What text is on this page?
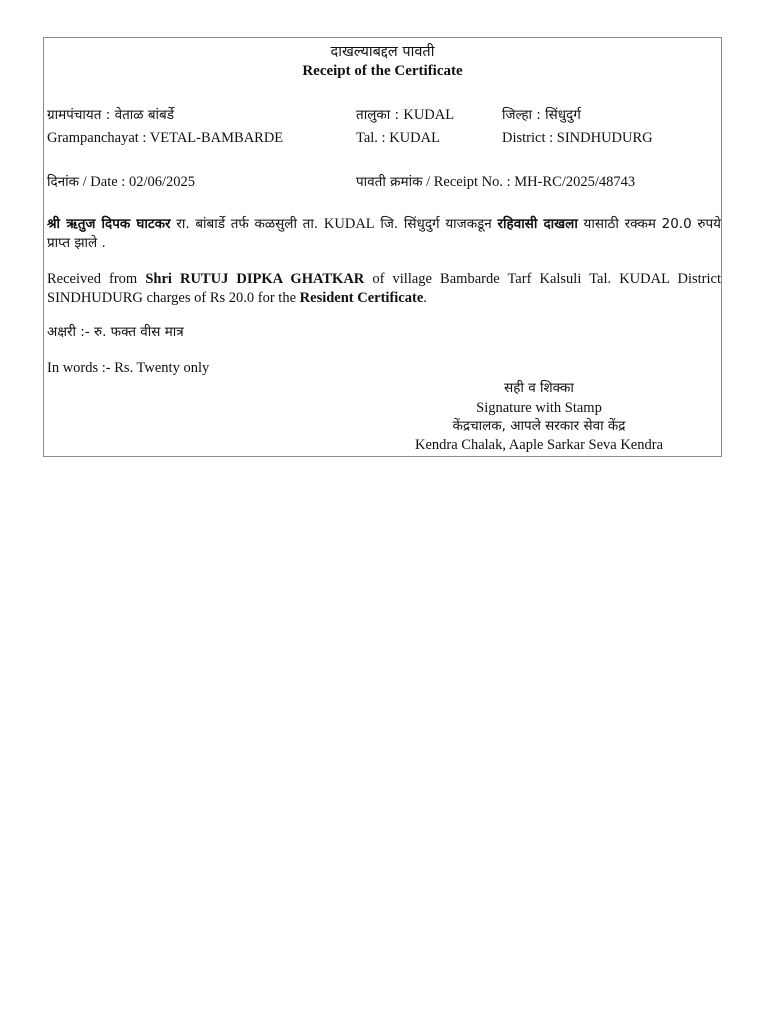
दाखल्याबद्दल पावती
Receipt of the Certificate
ग्रामपंचायत : वेताळ बांबर्डे	तालुका : KUDAL	जिल्हा : सिंधुदुर्ग
Grampanchayat : VETAL-BAMBARDE	Tal. : KUDAL	District : SINDHUDURG
दिनांक / Date : 02/06/2025	पावती क्रमांक / Receipt No. : MH-RC/2025/48743
श्री ऋतुज दिपक घाटकर रा. बांबार्डे तर्फ कळसुली ता. KUDAL जि. सिंधुदुर्ग याजकडून रहिवासी दाखला यासाठी रक्कम 20.0 रुपये प्राप्त झाले .
Received from Shri RUTUJ DIPKA GHATKAR of village Bambarde Tarf Kalsuli Tal. KUDAL District SINDHUDURG charges of Rs 20.0 for the Resident Certificate.
अक्षरी :- रु. फक्त वीस मात्र
In words :- Rs. Twenty only
सही व शिक्का
Signature with Stamp
केंद्रचालक, आपले सरकार सेवा केंद्र
Kendra Chalak, Aaple Sarkar Seva Kendra
